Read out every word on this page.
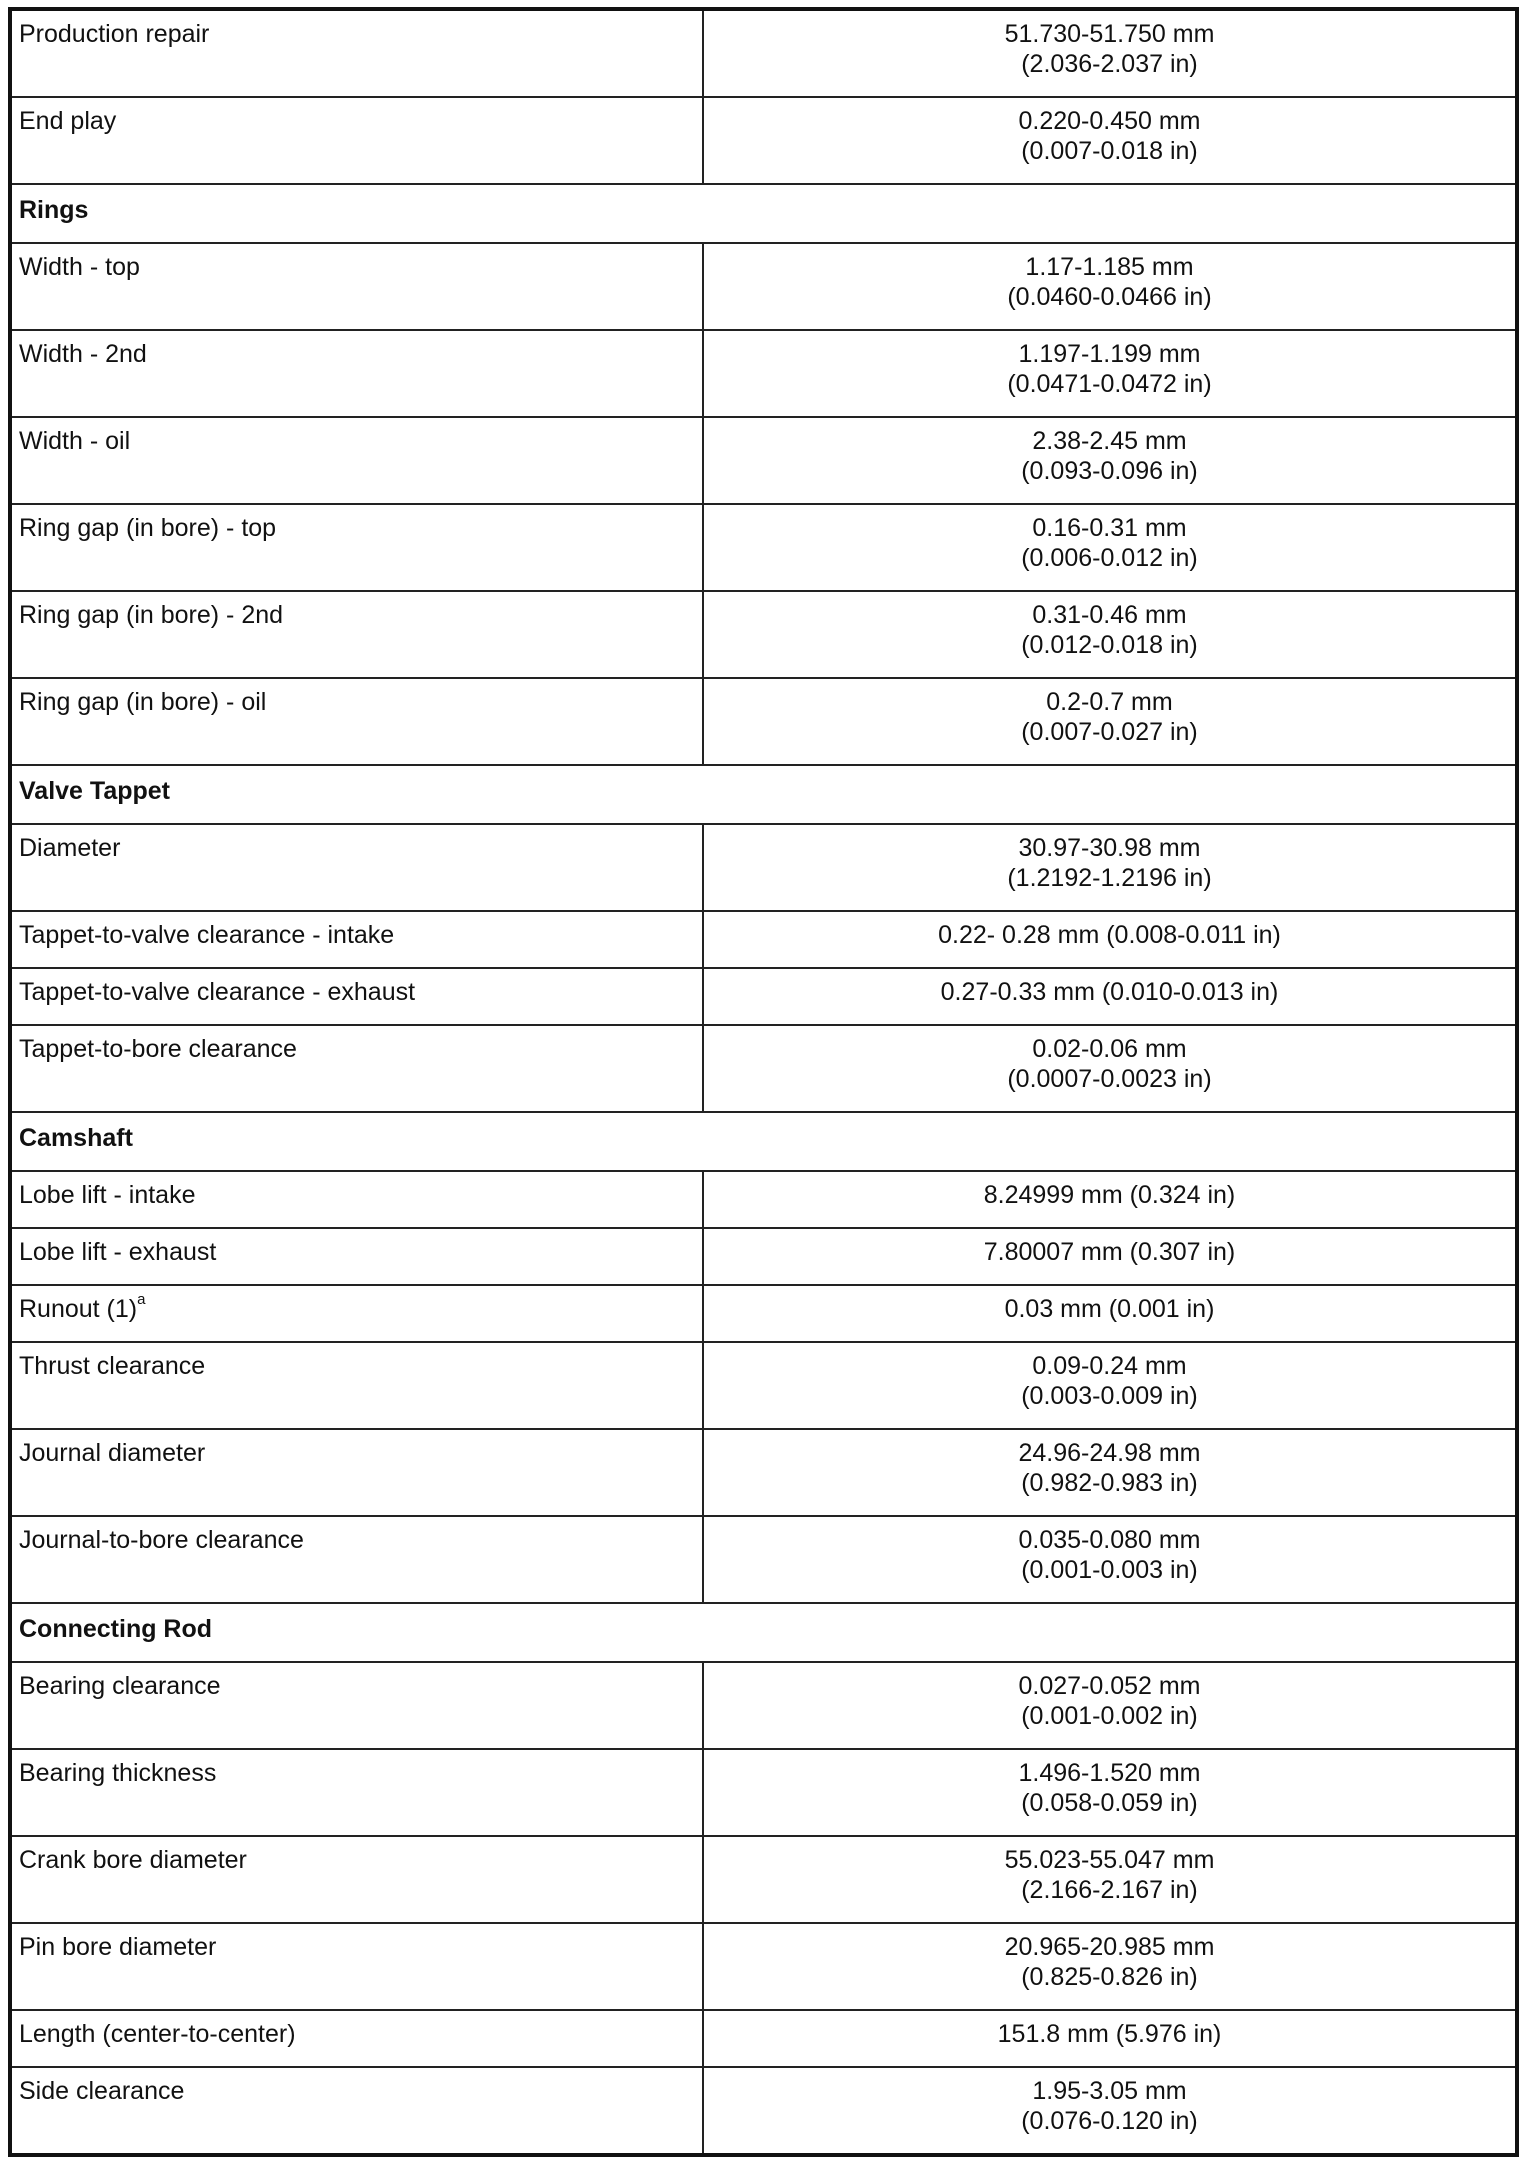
Production repair	51.730-51.750 mm
(2.036-2.037 in)

End play	0.220-0.450 mm
(0.007-0.018 in)

Rings	
Width - top	1.17-1.185 mm
(0.0460-0.0466 in)

Width - 2nd	1.197-1.199 mm
(0.0471-0.0472 in)

Width - oil	2.38-2.45 mm
(0.093-0.096 in)

Ring gap (in bore) - top	0.16-0.31 mm
(0.006-0.012 in)

Ring gap (in bore) - 2nd	0.31-0.46 mm
(0.012-0.018 in)

Ring gap (in bore) - oil	0.2-0.7 mm
(0.007-0.027 in)

Valve Tappet	
Diameter	30.97-30.98 mm
(1.2192-1.2196 in)

Tappet-to-valve clearance - intake	0.22- 0.28 mm (0.008-0.011 in)
Tappet-to-valve clearance - exhaust	0.27-0.33 mm (0.010-0.013 in)
Tappet-to-bore clearance	0.02-0.06 mm
(0.0007-0.0023 in)

Camshaft	
Lobe lift - intake	8.24999 mm (0.324 in)
Lobe lift - exhaust	7.80007 mm (0.307 in)
Runout $(1)^a$	0.03 mm (0.001 in)
Thrust clearance	0.09-0.24 mm
(0.003-0.009 in)

Journal diameter	24.96-24.98 mm
(0.982-0.983 in)

Journal-to-bore clearance	0.035-0.080 mm
(0.001-0.003 in)

Connecting Rod	
Bearing clearance	0.027-0.052 mm
(0.001-0.002 in)

Bearing thickness	1.496-1.520 mm
(0.058-0.059 in)

Crank bore diameter	55.023-55.047 mm
(2.166-2.167 in)

Pin bore diameter	20.965-20.985 mm
(0.825-0.826 in)

Length (center-to-center)	151.8 mm (5.976 in)
Side clearance	1.95-3.05 mm
(0.076-0.120 in)
